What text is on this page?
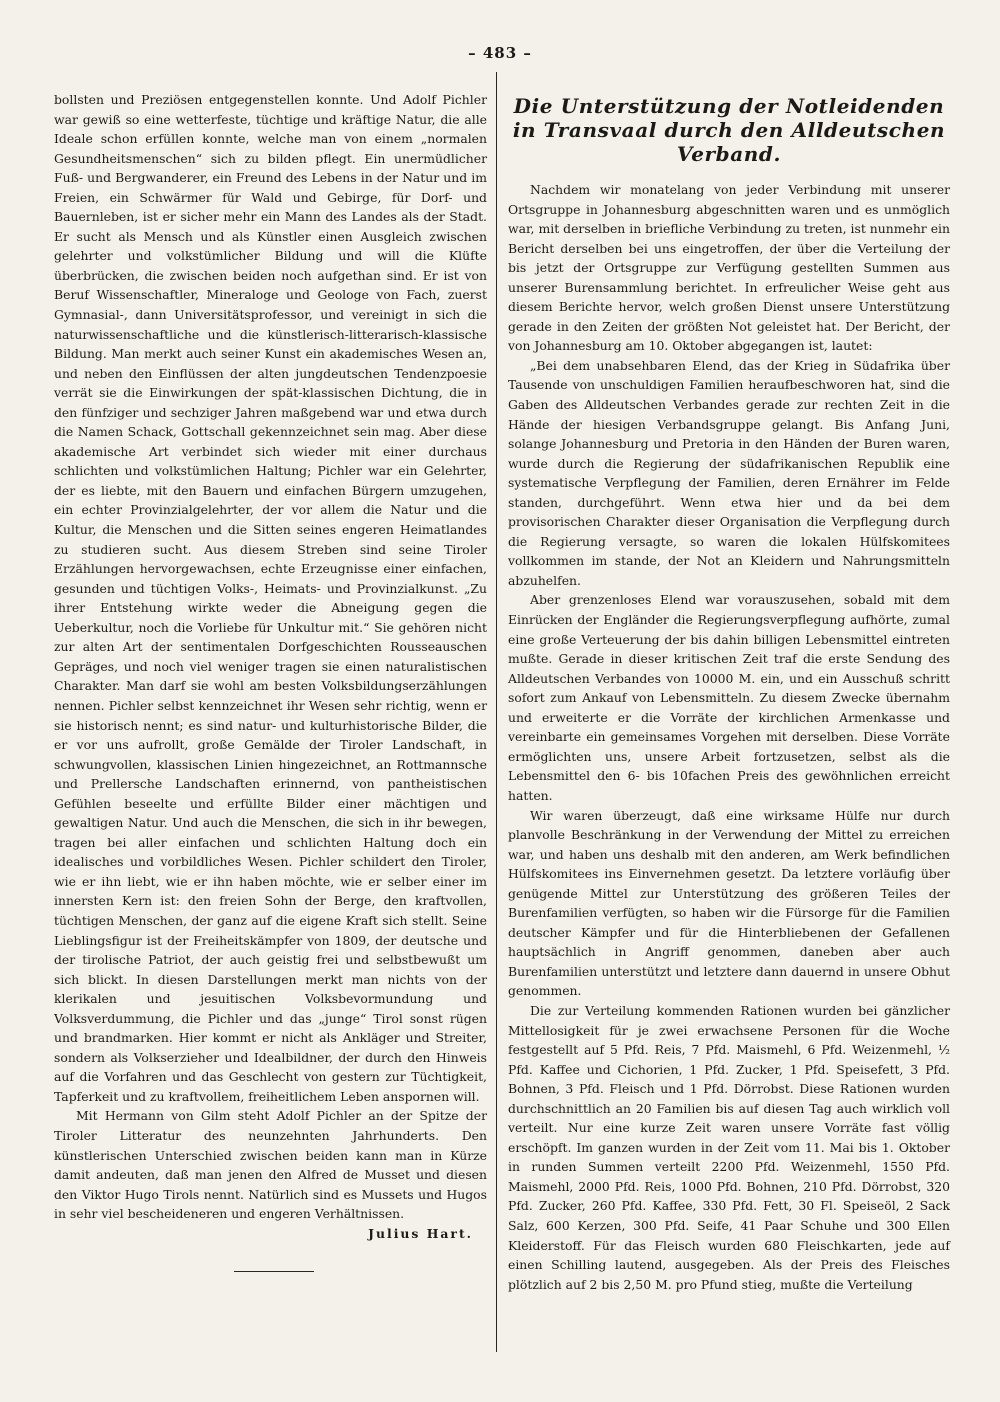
– 483 –

bollsten und Preziösen entgegenstellen konnte. Und Adolf Pichler war gewiß so eine wetterfeste, tüchtige und kräftige Natur, die alle Ideale schon erfüllen konnte, welche man von einem „normalen Gesundheitsmenschen“ sich zu bilden pflegt. Ein unermüdlicher Fuß- und Bergwanderer, ein Freund des Lebens in der Natur und im Freien, ein Schwärmer für Wald und Gebirge, für Dorf- und Bauernleben, ist er sicher mehr ein Mann des Landes als der Stadt. Er sucht als Mensch und als Künstler einen Ausgleich zwischen gelehrter und volkstümlicher Bildung und will die Klüfte überbrücken, die zwischen beiden noch aufgethan sind. Er ist von Beruf Wissenschaftler, Mineraloge und Geologe von Fach, zuerst Gymnasial-, dann Universitätsprofessor, und vereinigt in sich die naturwissenschaftliche und die künstlerisch-litterarisch-klassische Bildung. Man merkt auch seiner Kunst ein akademisches Wesen an, und neben den Einflüssen der alten jungdeutschen Tendenzpoesie verrät sie die Einwirkungen der spät-klassischen Dichtung, die in den fünfziger und sechziger Jahren maßgebend war und etwa durch die Namen Schack, Gottschall gekennzeichnet sein mag. Aber diese akademische Art verbindet sich wieder mit einer durchaus schlichten und volkstümlichen Haltung; Pichler war ein Gelehrter, der es liebte, mit den Bauern und einfachen Bürgern umzugehen, ein echter Provinzialgelehrter, der vor allem die Natur und die Kultur, die Menschen und die Sitten seines engeren Heimatlandes zu studieren sucht. Aus diesem Streben sind seine Tiroler Erzählungen hervorgewachsen, echte Erzeugnisse einer einfachen, gesunden und tüchtigen Volks-, Heimats- und Provinzialkunst. „Zu ihrer Entstehung wirkte weder die Abneigung gegen die Ueberkultur, noch die Vorliebe für Unkultur mit.“ Sie gehören nicht zur alten Art der sentimentalen Dorfgeschichten Rousseauschen Gepräges, und noch viel weniger tragen sie einen naturalistischen Charakter. Man darf sie wohl am besten Volksbildungserzählungen nennen. Pichler selbst kennzeichnet ihr Wesen sehr richtig, wenn er sie historisch nennt; es sind natur- und kulturhistorische Bilder, die er vor uns aufrollt, große Gemälde der Tiroler Landschaft, in schwungvollen, klassischen Linien hingezeichnet, an Rottmannsche und Prellersche Landschaften erinnernd, von pantheistischen Gefühlen beseelte und erfüllte Bilder einer mächtigen und gewaltigen Natur. Und auch die Menschen, die sich in ihr bewegen, tragen bei aller einfachen und schlichten Haltung doch ein idealisches und vorbildliches Wesen. Pichler schildert den Tiroler, wie er ihn liebt, wie er ihn haben möchte, wie er selber einer im innersten Kern ist: den freien Sohn der Berge, den kraftvollen, tüchtigen Menschen, der ganz auf die eigene Kraft sich stellt. Seine Lieblingsfigur ist der Freiheitskämpfer von 1809, der deutsche und der tirolische Patriot, der auch geistig frei und selbstbewußt um sich blickt. In diesen Darstellungen merkt man nichts von der klerikalen und jesuitischen Volksbevormundung und Volksverdummung, die Pichler und das „junge“ Tirol sonst rügen und brandmarken. Hier kommt er nicht als Ankläger und Streiter, sondern als Volkserzieher und Idealbildner, der durch den Hinweis auf die Vorfahren und das Geschlecht von gestern zur Tüchtigkeit, Tapferkeit und zu kraftvollem, freiheitlichem Leben anspornen will.

Mit Hermann von Gilm steht Adolf Pichler an der Spitze der Tiroler Litteratur des neunzehnten Jahrhunderts. Den künstlerischen Unterschied zwischen beiden kann man in Kürze damit andeuten, daß man jenen den Alfred de Musset und diesen den Viktor Hugo Tirols nennt. Natürlich sind es Mussets und Hugos in sehr viel bescheideneren und engeren Verhältnissen.

Julius Hart.

Die Unterstützung der Notleidenden in Transvaal durch den Alldeutschen Verband.

Nachdem wir monatelang von jeder Verbindung mit unserer Ortsgruppe in Johannesburg abgeschnitten waren und es unmöglich war, mit derselben in briefliche Verbindung zu treten, ist nunmehr ein Bericht derselben bei uns eingetroffen, der über die Verteilung der bis jetzt der Ortsgruppe zur Verfügung gestellten Summen aus unserer Burensammlung berichtet. In erfreulicher Weise geht aus diesem Berichte hervor, welch großen Dienst unsere Unterstützung gerade in den Zeiten der größten Not geleistet hat. Der Bericht, der von Johannesburg am 10. Oktober abgegangen ist, lautet:

„Bei dem unabsehbaren Elend, das der Krieg in Südafrika über Tausende von unschuldigen Familien heraufbeschworen hat, sind die Gaben des Alldeutschen Verbandes gerade zur rechten Zeit in die Hände der hiesigen Verbandsgruppe gelangt. Bis Anfang Juni, solange Johannesburg und Pretoria in den Händen der Buren waren, wurde durch die Regierung der südafrikanischen Republik eine systematische Verpflegung der Familien, deren Ernährer im Felde standen, durchgeführt. Wenn etwa hier und da bei dem provisorischen Charakter dieser Organisation die Verpflegung durch die Regierung versagte, so waren die lokalen Hülfskomitees vollkommen im stande, der Not an Kleidern und Nahrungsmitteln abzuhelfen.

Aber grenzenloses Elend war vorauszusehen, sobald mit dem Einrücken der Engländer die Regierungsverpflegung aufhörte, zumal eine große Verteuerung der bis dahin billigen Lebensmittel eintreten mußte. Gerade in dieser kritischen Zeit traf die erste Sendung des Alldeutschen Verbandes von 10000 M. ein, und ein Ausschuß schritt sofort zum Ankauf von Lebensmitteln. Zu diesem Zwecke übernahm und erweiterte er die Vorräte der kirchlichen Armenkasse und vereinbarte ein gemeinsames Vorgehen mit derselben. Diese Vorräte ermöglichten uns, unsere Arbeit fortzusetzen, selbst als die Lebensmittel den 6- bis 10fachen Preis des gewöhnlichen erreicht hatten.

Wir waren überzeugt, daß eine wirksame Hülfe nur durch planvolle Beschränkung in der Verwendung der Mittel zu erreichen war, und haben uns deshalb mit den anderen, am Werk befindlichen Hülfskomitees ins Einvernehmen gesetzt. Da letztere vorläufig über genügende Mittel zur Unterstützung des größeren Teiles der Burenfamilien verfügten, so haben wir die Fürsorge für die Familien deutscher Kämpfer und für die Hinterbliebenen der Gefallenen hauptsächlich in Angriff genommen, daneben aber auch Burenfamilien unterstützt und letztere dann dauernd in unsere Obhut genommen.

Die zur Verteilung kommenden Rationen wurden bei gänzlicher Mittellosigkeit für je zwei erwachsene Personen für die Woche festgestellt auf 5 Pfd. Reis, 7 Pfd. Maismehl, 6 Pfd. Weizenmehl, ½ Pfd. Kaffee und Cichorien, 1 Pfd. Zucker, 1 Pfd. Speisefett, 3 Pfd. Bohnen, 3 Pfd. Fleisch und 1 Pfd. Dörrobst. Diese Rationen wurden durchschnittlich an 20 Familien bis auf diesen Tag auch wirklich voll verteilt. Nur eine kurze Zeit waren unsere Vorräte fast völlig erschöpft. Im ganzen wurden in der Zeit vom 11. Mai bis 1. Oktober in runden Summen verteilt 2200 Pfd. Weizenmehl, 1550 Pfd. Maismehl, 2000 Pfd. Reis, 1000 Pfd. Bohnen, 210 Pfd. Dörrobst, 320 Pfd. Zucker, 260 Pfd. Kaffee, 330 Pfd. Fett, 30 Fl. Speiseöl, 2 Sack Salz, 600 Kerzen, 300 Pfd. Seife, 41 Paar Schuhe und 300 Ellen Kleiderstoff. Für das Fleisch wurden 680 Fleischkarten, jede auf einen Schilling lautend, ausgegeben. Als der Preis des Fleisches plötzlich auf 2 bis 2,50 M. pro Pfund stieg, mußte die Verteilung
